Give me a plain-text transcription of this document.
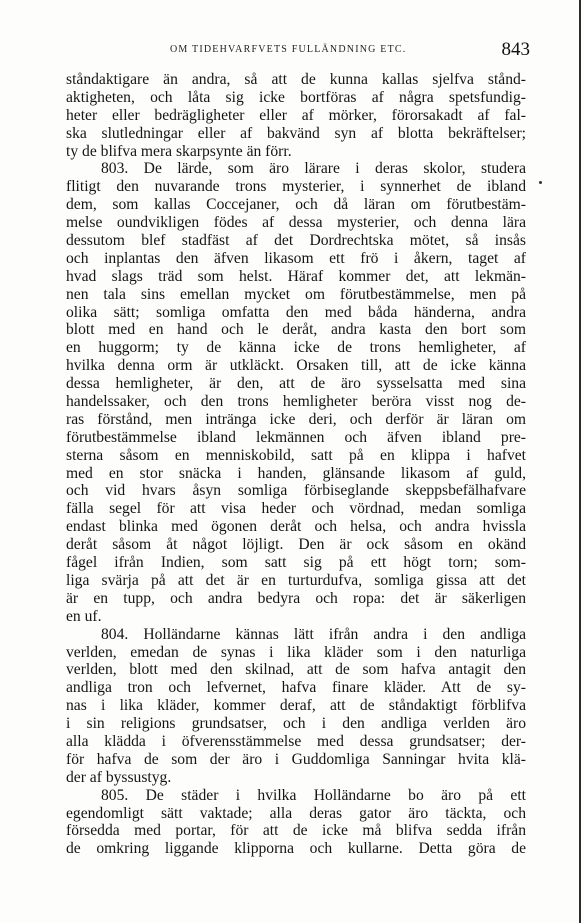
OM TIDEHVARFVETS FULLÄNDNING ETC.	843
ståndaktigare än andra, så att de kunna kallas sjelfva stånd-
aktigheten, och låta sig icke bortföras af några spetsfundig-
heter eller bedrägligheter eller af mörker, förorsakadt af fal-
ska slutledningar eller af bakvänd syn af blotta bekräftelser;
ty de blifva mera skarpsynte än förr.
803. De lärde, som äro lärare i deras skolor, studera
flitigt den nuvarande trons mysterier, i synnerhet de ibland
dem, som kallas Coccejaner, och då läran om förutbestäm-
melse oundvikligen födes af dessa mysterier, och denna lära
dessutom blef stadfäst af det Dordrechtska mötet, så insås
och inplantas den äfven likasom ett frö i åkern, taget af
hvad slags träd som helst. Häraf kommer det, att lekmän-
nen tala sins emellan mycket om förutbestämmelse, men på
olika sätt; somliga omfatta den med båda händerna, andra
blott med en hand och le deråt, andra kasta den bort som
en huggorm; ty de känna icke de trons hemligheter, af
hvilka denna orm är utkläckt. Orsaken till, att de icke känna
dessa hemligheter, är den, att de äro sysselsatta med sina
handelssaker, och den trons hemligheter beröra visst nog de-
ras förstånd, men intränga icke deri, och derför är läran om
förutbestämmelse ibland lekmännen och äfven ibland pre-
sterna såsom en menniskobild, satt på en klippa i hafvet
med en stor snäcka i handen, glänsande likasom af guld,
och vid hvars åsyn somliga förbiseglande skeppsbefälhafvare
fälla segel för att visa heder och vördnad, medan somliga
endast blinka med ögonen deråt och helsa, och andra hvissla
deråt såsom åt något löjligt. Den är ock såsom en okänd
fågel ifrån Indien, som satt sig på ett högt torn; som-
liga svärja på att det är en turturdufva, somliga gissa att det
är en tupp, och andra bedyra och ropa: det är säkerligen
en uf.
804. Holländarne kännas lätt ifrån andra i den andliga
verlden, emedan de synas i lika kläder som i den naturliga
verlden, blott med den skilnad, att de som hafva antagit den
andliga tron och lefvernet, hafva finare kläder. Att de sy-
nas i lika kläder, kommer deraf, att de ståndaktigt förblifva
i sin religions grundsatser, och i den andliga verlden äro
alla klädda i öfverensstämmelse med dessa grundsatser; der-
för hafva de som der äro i Guddomliga Sanningar hvita klä-
der af byssustyg.
805. De städer i hvilka Holländarne bo äro på ett
egendomligt sätt vaktade; alla deras gator äro täckta, och
försedda med portar, för att de icke må blifva sedda ifrån
de omkring liggande klipporna och kullarne. Detta göra de
